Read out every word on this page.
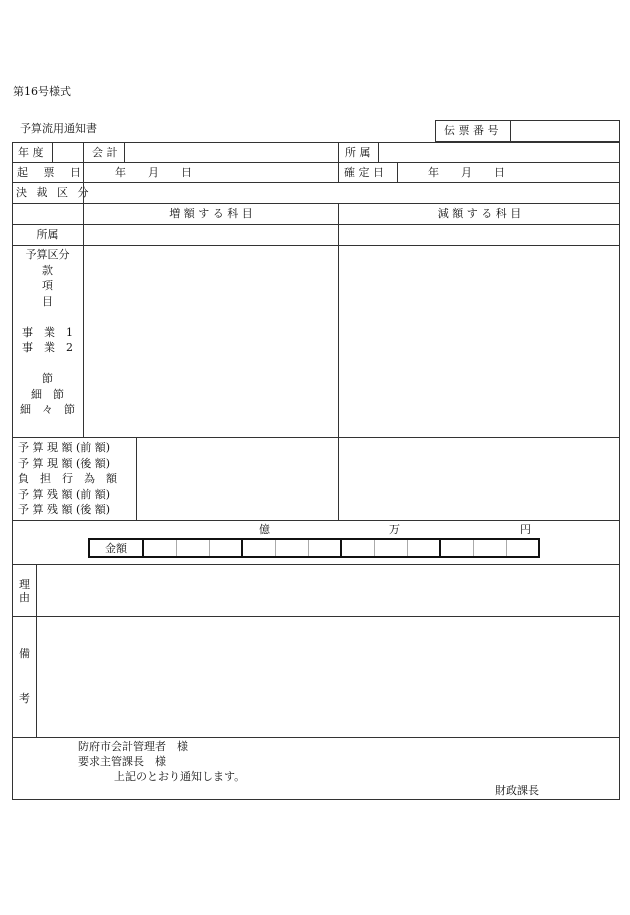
第16号様式
予算流用通知書	伝 票 番 号
年 度	会 計	所 属
起 票 日	年　　月　　日	確 定 日	年　　月　　日
決 裁 区 分
増 額 す る 科 目	減 額 す る 科 目
所属
予算区分
款
項
目
事　業　1
事　業　2
節
細　節
細　々　節
予 算 現 額 (前 額)
予 算 現 額 (後 額)
負　担　行　為　額
予 算 残 額 (前 額)
予 算 残 額 (後 額)
億	万	円
金額
理
由
備
考
防府市会計管理者　様
要求主管課長　様
上記のとおり通知します。
財政課長
